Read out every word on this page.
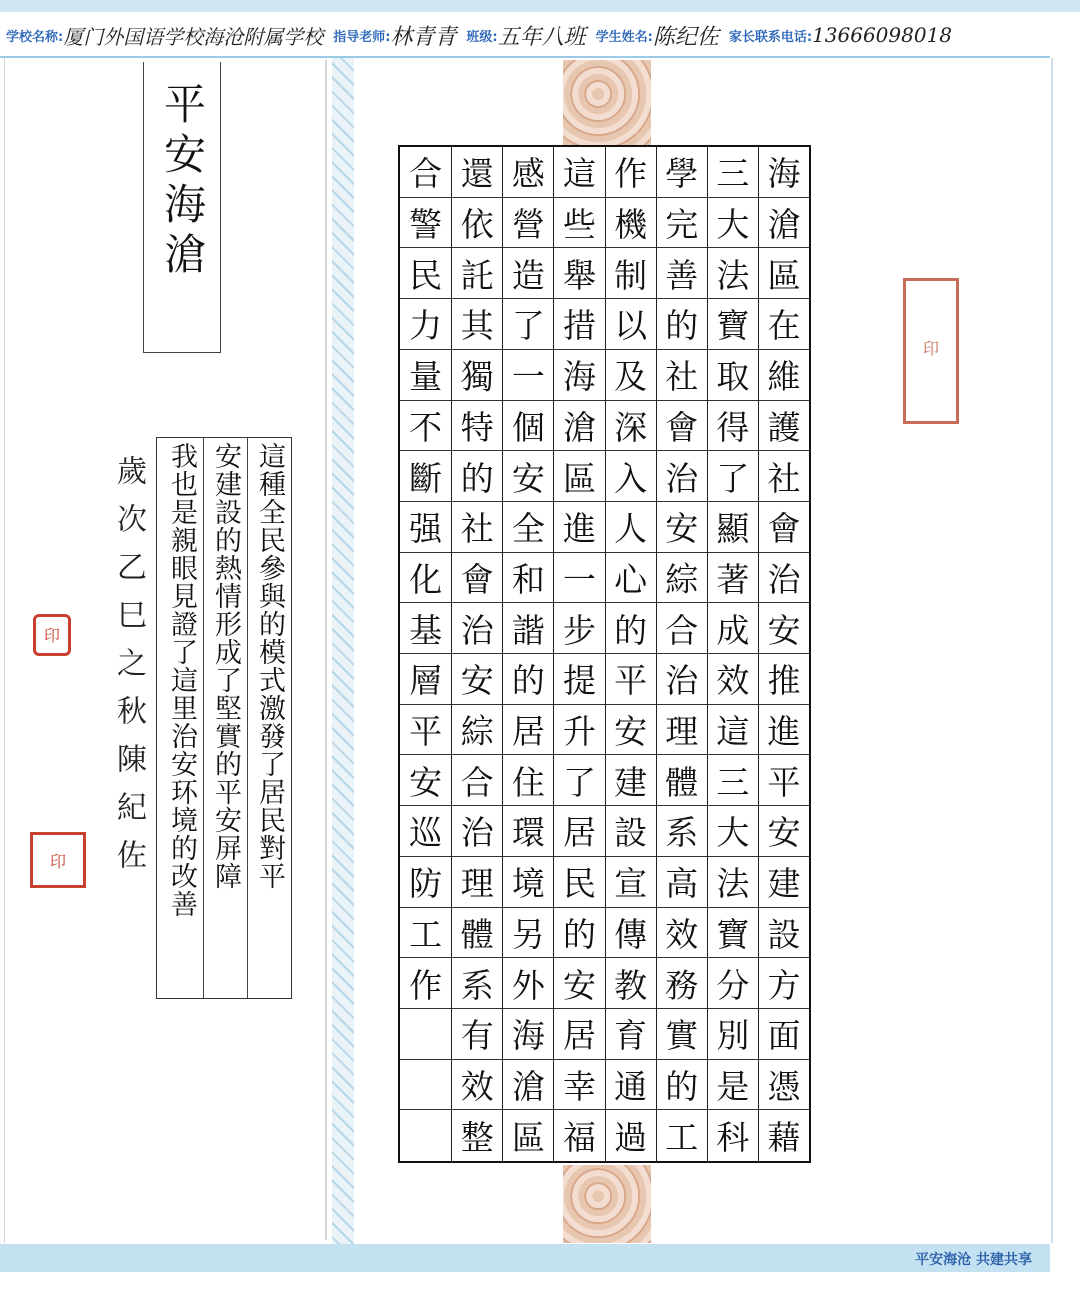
学校名称: 厦门外国语学校海沧附属学校 指导老师: 林青青 班级: 五年八班 学生姓名: 陈纪佐 家长联系电话: 13666098018
平安海滄
這種全民參與的模式激發了居民對平
安建設的熱情形成了堅實的平安屏障
我也是親眼見證了這里治安环境的改善
歲次乙巳之秋陳紀佐
印
印
印
海
滄
區
在
維
護
社
會
治
安
推
進
平
安
建
設
方
面
憑
藉
三
大
法
寶
取
得
了
顯
著
成
效
這
三
大
法
寶
分
別
是
科
學
完
善
的
社
會
治
安
綜
合
治
理
體
系
高
效
務
實
的
工
作
機
制
以
及
深
入
人
心
的
平
安
建
設
宣
傳
教
育
通
過
這
些
舉
措
海
滄
區
進
一
步
提
升
了
居
民
的
安
居
幸
福
感
營
造
了
一
個
安
全
和
諧
的
居
住
環
境
另
外
海
滄
區
還
依
託
其
獨
特
的
社
會
治
安
綜
合
治
理
體
系
有
效
整
合
警
民
力
量
不
斷
强
化
基
層
平
安
巡
防
工
作
平安海沧 共建共享
